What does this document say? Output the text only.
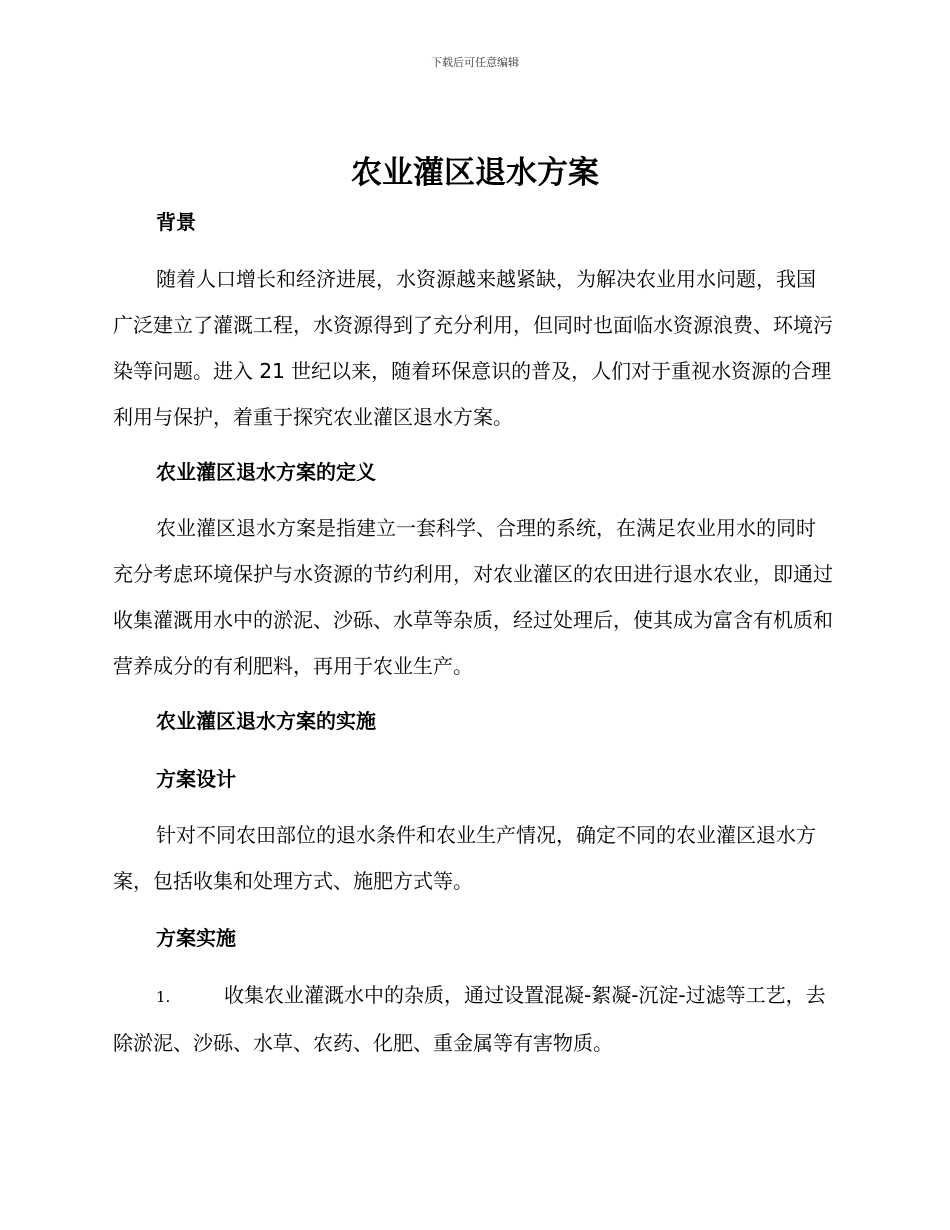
下载后可任意编辑
农业灌区退水方案
背景

随着人口增长和经济进展，水资源越来越紧缺，为解决农业用水问题，我国广泛建立了灌溉工程，水资源得到了充分利用，但同时也面临水资源浪费、环境污染等问题。进入 21 世纪以来，随着环保意识的普及，人们对于重视水资源的合理利用与保护，着重于探究农业灌区退水方案。

农业灌区退水方案的定义

农业灌区退水方案是指建立一套科学、合理的系统，在满足农业用水的同时充分考虑环境保护与水资源的节约利用，对农业灌区的农田进行退水农业，即通过收集灌溉用水中的淤泥、沙砾、水草等杂质，经过处理后，使其成为富含有机质和营养成分的有利肥料，再用于农业生产。

农业灌区退水方案的实施
方案设计

针对不同农田部位的退水条件和农业生产情况，确定不同的农业灌区退水方案，包括收集和处理方式、施肥方式等。

方案实施
1.	收集农业灌溉水中的杂质，通过设置混凝-絮凝-沉淀-过滤等工艺，去除淤泥、沙砾、水草、农药、化肥、重金属等有害物质。
